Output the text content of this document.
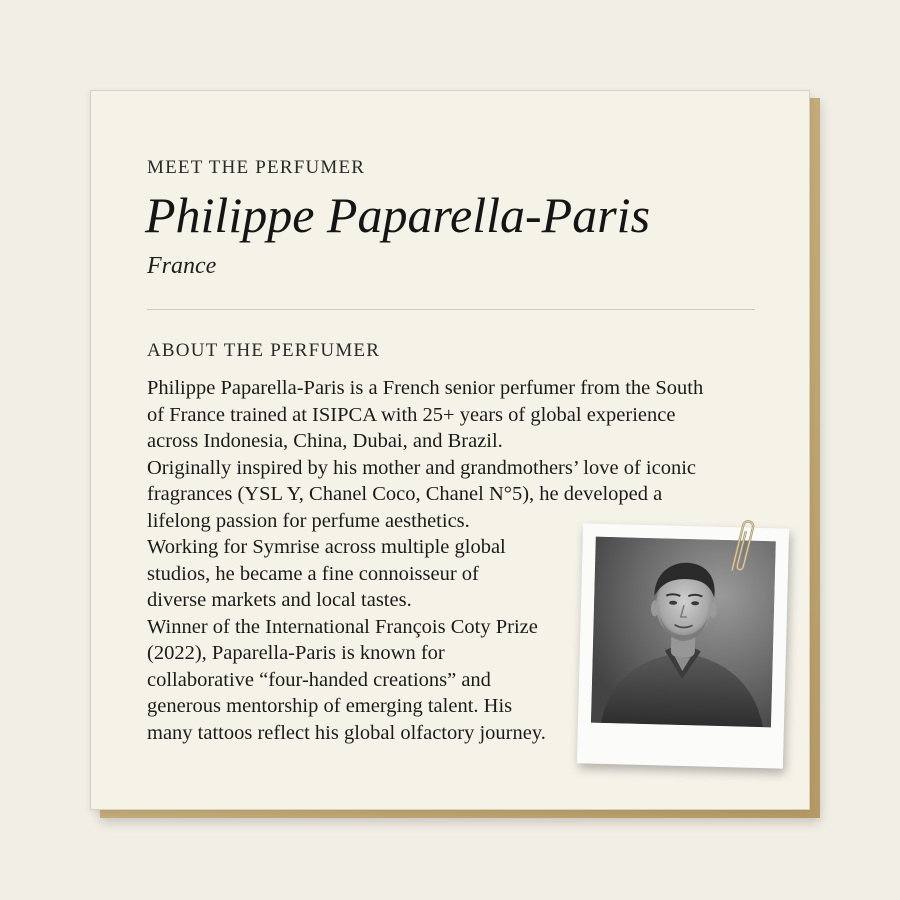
MEET THE PERFUMER
Philippe Paparella-Paris
France
ABOUT THE PERFUMER
Philippe Paparella-Paris is a French senior perfumer from the South
of France trained at ISIPCA with 25+ years of global experience
across Indonesia, China, Dubai, and Brazil.
Originally inspired by his mother and grandmothers’ love of iconic
fragrances (YSL Y, Chanel Coco, Chanel N°5), he developed a
lifelong passion for perfume aesthetics.
Working for Symrise across multiple global
studios, he became a fine connoisseur of
diverse markets and local tastes.
Winner of the International François Coty Prize
(2022), Paparella-Paris is known for
collaborative “four-handed creations” and
generous mentorship of emerging talent. His
many tattoos reflect his global olfactory journey.
